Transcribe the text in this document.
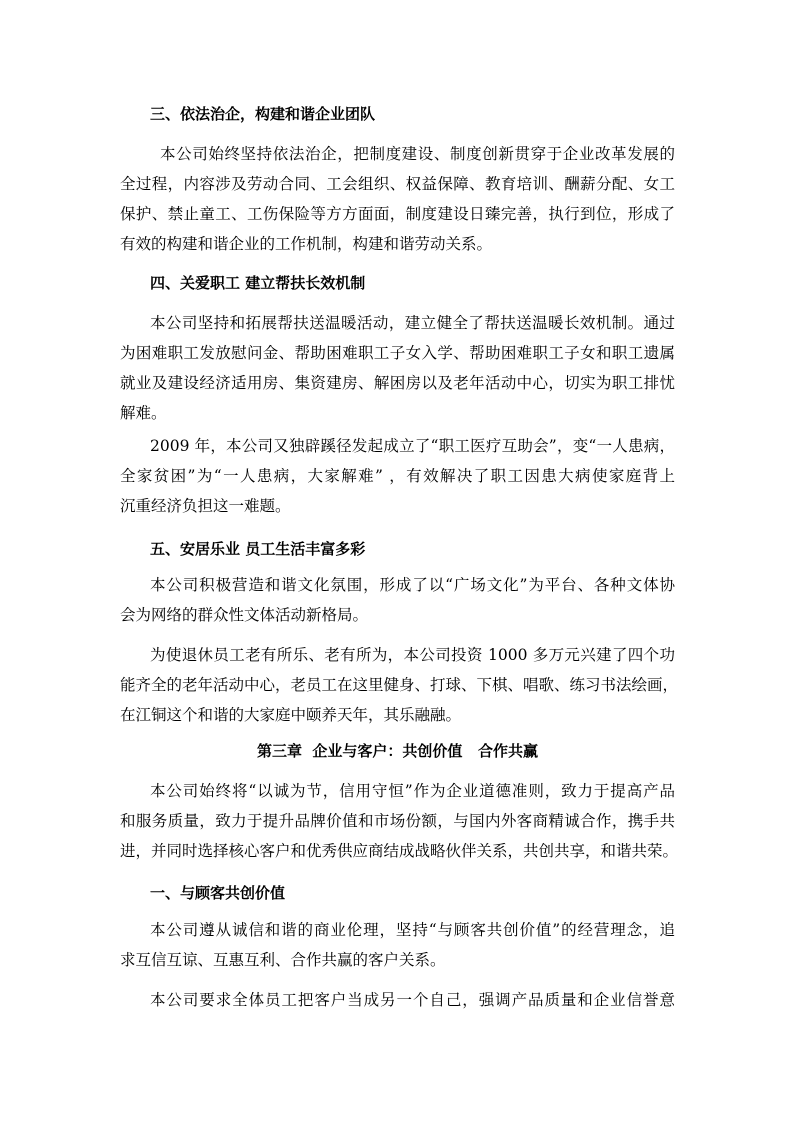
三、依法治企，构建和谐企业团队
本公司始终坚持依法治企，把制度建设、制度创新贯穿于企业改革发展的
全过程，内容涉及劳动合同、工会组织、权益保障、教育培训、酬薪分配、女工
保护、禁止童工、工伤保险等方方面面，制度建设日臻完善，执行到位，形成了
有效的构建和谐企业的工作机制，构建和谐劳动关系。
四、关爱职工 建立帮扶长效机制
本公司坚持和拓展帮扶送温暖活动，建立健全了帮扶送温暖长效机制。通过
为困难职工发放慰问金、帮助困难职工子女入学、帮助困难职工子女和职工遗属
就业及建设经济适用房、集资建房、解困房以及老年活动中心，切实为职工排忧
解难。
2009 年，本公司又独辟蹊径发起成立了“职工医疗互助会”，变“一人患病，
全家贫困”为“一人患病，大家解难” ，有效解决了职工因患大病使家庭背上
沉重经济负担这一难题。
五、安居乐业 员工生活丰富多彩
本公司积极营造和谐文化氛围，形成了以“广场文化”为平台、各种文体协
会为网络的群众性文体活动新格局。
为使退休员工老有所乐、老有所为，本公司投资 1000 多万元兴建了四个功
能齐全的老年活动中心，老员工在这里健身、打球、下棋、唱歌、练习书法绘画，
在江铜这个和谐的大家庭中颐养天年，其乐融融。
第三章  企业与客户：共创价值   合作共赢
本公司始终将“以诚为节，信用守恒”作为企业道德准则，致力于提高产品
和服务质量，致力于提升品牌价值和市场份额，与国内外客商精诚合作，携手共
进，并同时选择核心客户和优秀供应商结成战略伙伴关系，共创共享，和谐共荣。
一、与顾客共创价值
本公司遵从诚信和谐的商业伦理，坚持“与顾客共创价值”的经营理念，追
求互信互谅、互惠互利、合作共赢的客户关系。
本公司要求全体员工把客户当成另一个自己，强调产品质量和企业信誉意
